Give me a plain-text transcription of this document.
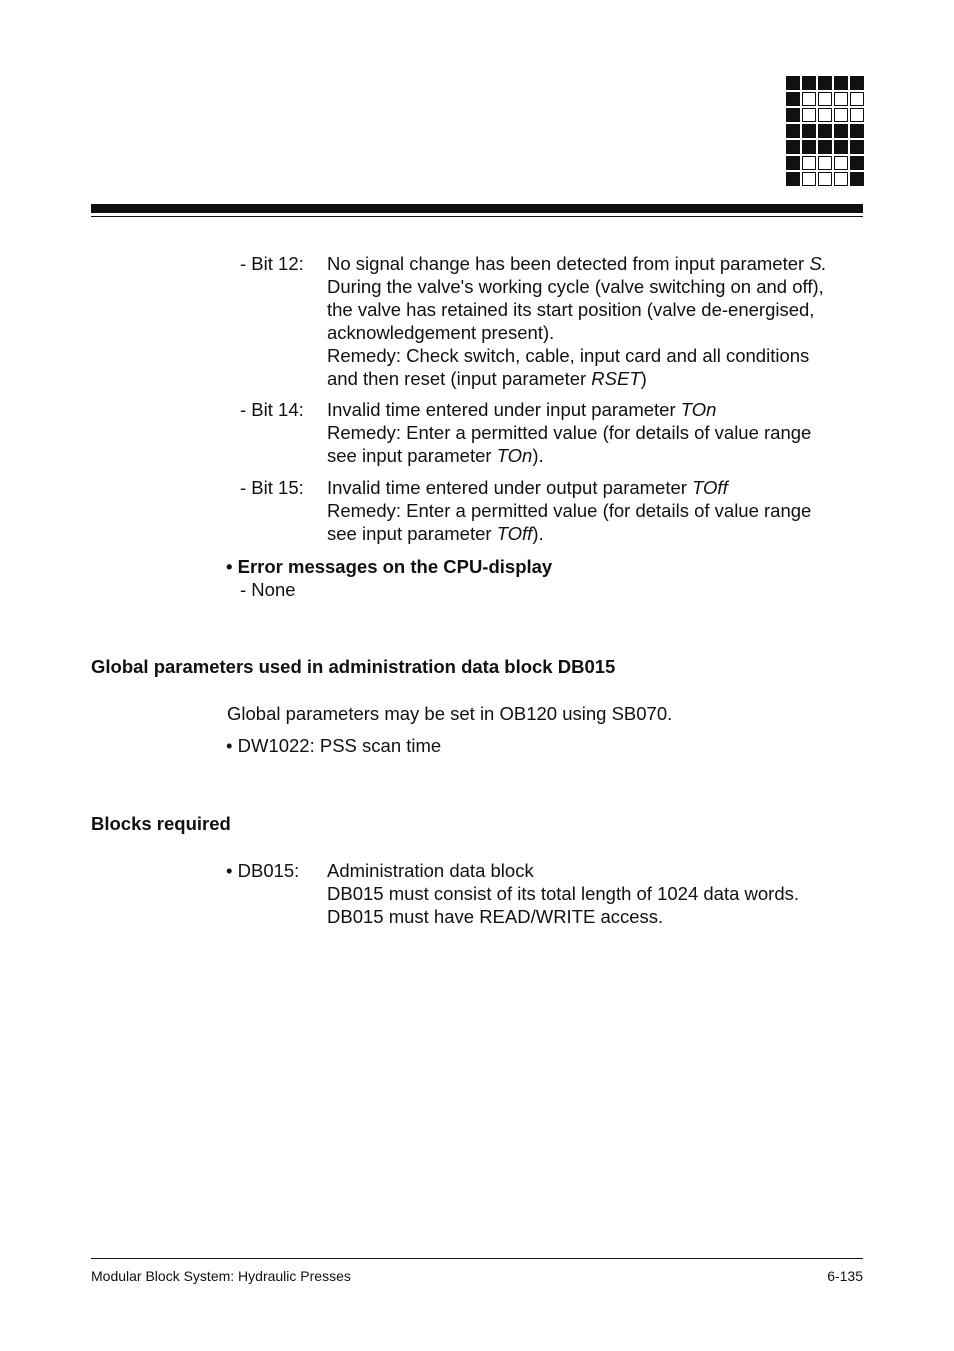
- Bit 12: No signal change has been detected from input parameter S.
During the valve's working cycle (valve switching on and off),
the valve has retained its start position (valve de-energised,
acknowledgement present).
Remedy: Check switch, cable, input card and all conditions
and then reset (input parameter RSET)
- Bit 14: Invalid time entered under input parameter TOn
Remedy: Enter a permitted value (for details of value range
see input parameter TOn).
- Bit 15: Invalid time entered under output parameter TOff
Remedy: Enter a permitted value (for details of value range
see input parameter TOff).
• Error messages on the CPU-display
- None
Global parameters used in administration data block DB015
Global parameters may be set in OB120 using SB070.
• DW1022: PSS scan time
Blocks required
• DB015: Administration data block
DB015 must consist of its total length of 1024 data words.
DB015 must have READ/WRITE access.
Modular Block System: Hydraulic Presses	6-135
